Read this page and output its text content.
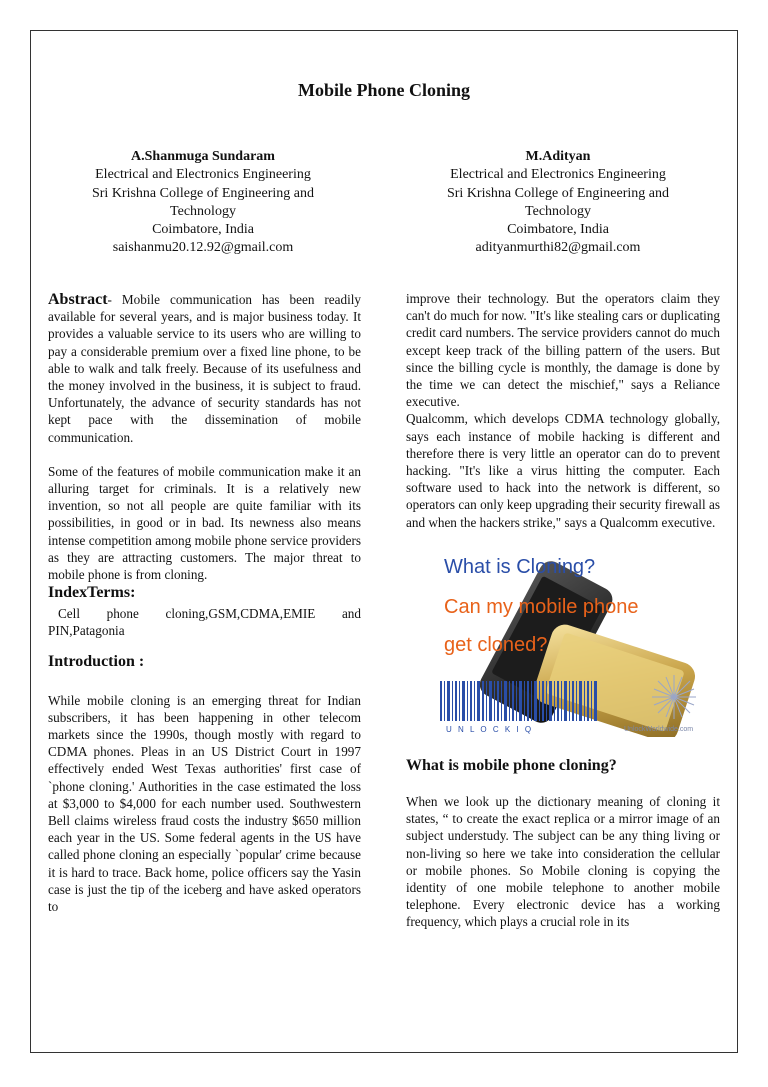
Mobile Phone Cloning
A.Shanmuga Sundaram
Electrical and Electronics Engineering
Sri Krishna College of Engineering and
Technology
Coimbatore, India
saishanmu20.12.92@gmail.com
M.Adityan
Electrical and Electronics Engineering
Sri Krishna College of Engineering and
Technology
Coimbatore, India
adityanmurthi82@gmail.com

Abstract- Mobile communication has been readily available for several years, and is major business today. It provides a valuable service to its users who are willing to pay a considerable premium over a fixed line phone, to be able to walk and talk freely. Because of its usefulness and the money involved in the business, it is subject to fraud. Unfortunately, the advance of security standards has not kept pace with the dissemination of mobile communication.

Some of the features of mobile communication make it an alluring target for criminals. It is a relatively new invention, so not all people are quite familiar with its possibilities, in good or in bad. Its newness also means intense competition among mobile phone service providers as they are attracting customers. The major threat to mobile phone is from cloning.

IndexTerms:

Cell phone cloning,GSM,CDMA,EMIE and PIN,Patagonia

Introduction :

While mobile cloning is an emerging threat for Indian subscribers, it has been happening in other telecom markets since the 1990s, though mostly with regard to CDMA phones. Pleas in an US District Court in 1997 effectively ended West Texas authorities' first case of `phone cloning.' Authorities in the case estimated the loss at $3,000 to $4,000 for each number used. Southwestern Bell claims wireless fraud costs the industry $650 million each year in the US. Some federal agents in the US have called phone cloning an especially `popular' crime because it is hard to trace. Back home, police officers say the Yasin case is just the tip of the iceberg and have asked operators to

improve their technology. But the operators claim they can't do much for now. "It's like stealing cars or duplicating credit card numbers. The service providers cannot do much except keep track of the billing pattern of the users. But since the billing cycle is monthly, the damage is done by the time we can detect the mischief," says a Reliance executive.

Qualcomm, which develops CDMA technology globally, says each instance of mobile hacking is different and therefore there is very little an operator can do to prevent hacking. "It's like a virus hitting the computer. Each software used to hack into the network is different, so operators can only keep upgrading their security firewall as and when the hackers strike," says a Qualcomm executive.

U N L O C K I Q	UnlockWorldwide.com
What is Cloning?
Can my mobile phone
get cloned?

What is mobile phone cloning?

When we look up the dictionary meaning of cloning it states, “ to create the exact replica or a mirror image of an subject understudy. The subject can be any thing living or non-living so here we take into consideration the cellular or mobile phones. So Mobile cloning is copying the identity of one mobile telephone to another mobile telephone. Every electronic device has a working frequency, which plays a crucial role in its
